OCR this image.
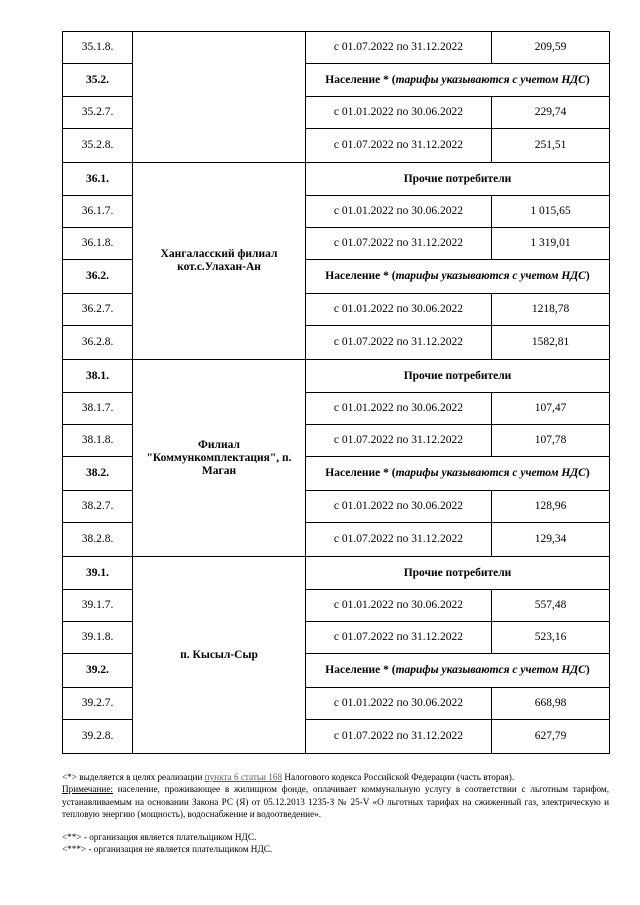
35.1.8.		с 01.07.2022 по 31.12.2022	209,59
35.2.		Население * (тарифы указываются с учетом НДС)	
35.2.7.		с 01.01.2022 по 30.06.2022	229,74
35.2.8.		с 01.07.2022 по 31.12.2022	251,51
36.1.	Хангаласский филиал кот.с.Улахан-Ан	Прочие потребители	
36.1.7.		с 01.01.2022 по 30.06.2022	1 015,65
36.1.8.		с 01.07.2022 по 31.12.2022	1 319,01
36.2.		Население * (тарифы указываются с учетом НДС)	
36.2.7.		с 01.01.2022 по 30.06.2022	1218,78
36.2.8.		с 01.07.2022 по 31.12.2022	1582,81
38.1.	Филиал "Коммункомплектация", п. Маган	Прочие потребители	
38.1.7.		с 01.01.2022 по 30.06.2022	107,47
38.1.8.		с 01.07.2022 по 31.12.2022	107,78
38.2.		Население * (тарифы указываются с учетом НДС)	
38.2.7.		с 01.01.2022 по 30.06.2022	128,96
38.2.8.		с 01.07.2022 по 31.12.2022	129,34
39.1.	п. Кысыл-Сыр	Прочие потребители	
39.1.7.		с 01.01.2022 по 30.06.2022	557,48
39.1.8.		с 01.07.2022 по 31.12.2022	523,16
39.2.		Население * (тарифы указываются с учетом НДС)	
39.2.7.		с 01.01.2022 по 30.06.2022	668,98
39.2.8.		с 01.07.2022 по 31.12.2022	627,79

<*> выделяется в целях реализации пункта 6 статьи 168 Налогового кодекса Российской Федерации (часть вторая).

Примечание: население, проживающее в жилищном фонде, оплачивает коммунальную услугу в соответствии с льготным тарифом, устанавливаемым на основании Закона РС (Я) от 05.12.2013 1235-З № 25-V «О льготных тарифах на сжиженный газ, электрическую и тепловую энергию (мощность), водоснабжение и водоотведение».

<**> - организация является плательщиком НДС.

<***> - организация не является плательщиком НДС.
